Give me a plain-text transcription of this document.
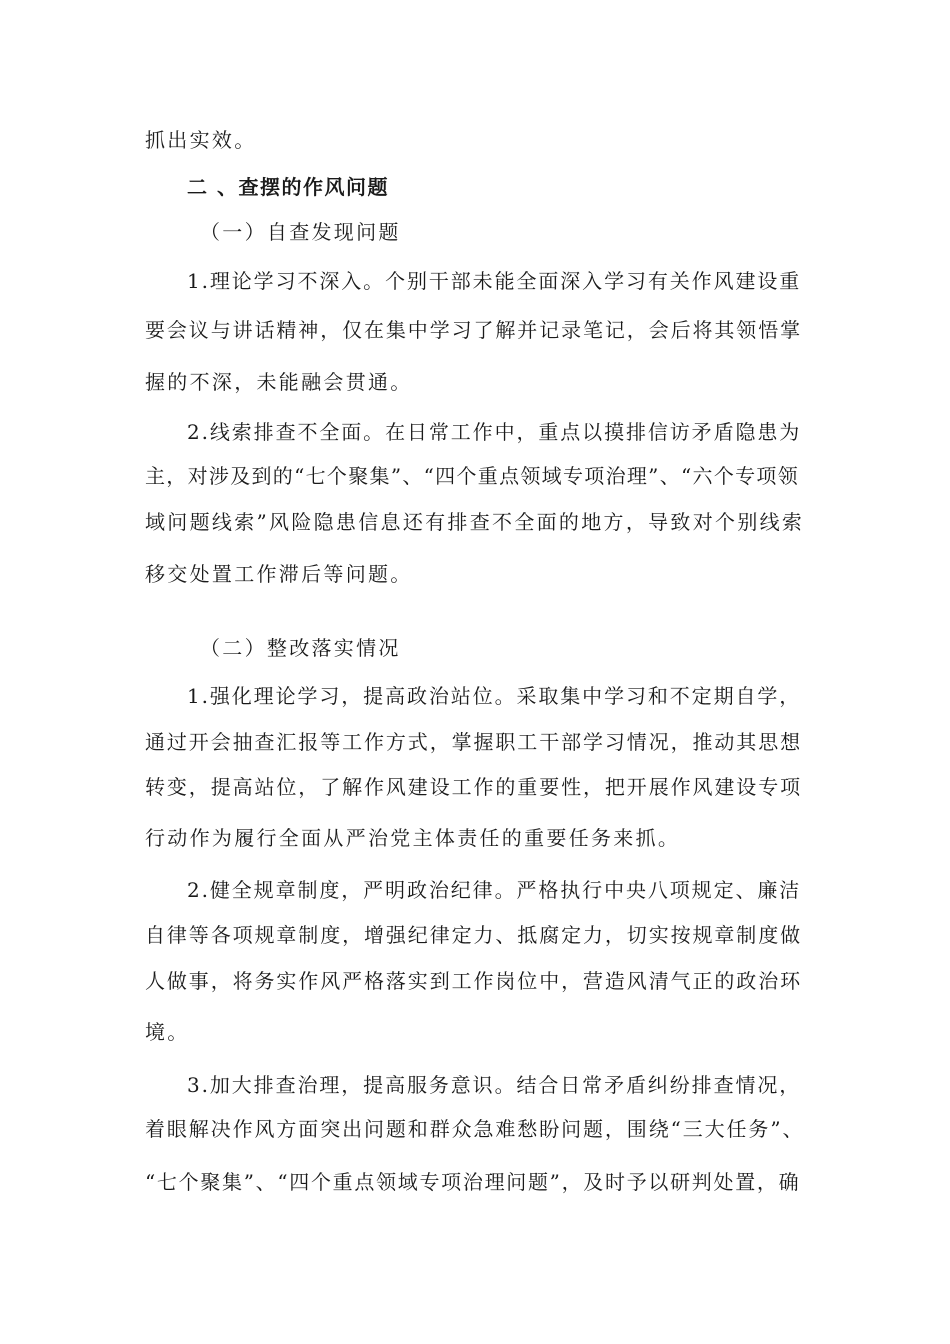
抓出实效。
二 、查摆的作风问题
（一）自查发现问题
1.理论学习不深入。个别干部未能全面深入学习有关作风建设重
要会议与讲话精神，仅在集中学习了解并记录笔记，会后将其领悟掌
握的不深，未能融会贯通。
2.线索排查不全面。在日常工作中，重点以摸排信访矛盾隐患为
主，对涉及到的“七个聚集”、“四个重点领域专项治理”、“六个专项领
域问题线索”风险隐患信息还有排查不全面的地方，导致对个别线索
移交处置工作滞后等问题。
（二）整改落实情况
1.强化理论学习，提高政治站位。采取集中学习和不定期自学，
通过开会抽查汇报等工作方式，掌握职工干部学习情况，推动其思想
转变，提高站位，了解作风建设工作的重要性，把开展作风建设专项
行动作为履行全面从严治党主体责任的重要任务来抓。
2.健全规章制度，严明政治纪律。严格执行中央八项规定、廉洁
自律等各项规章制度，增强纪律定力、抵腐定力，切实按规章制度做
人做事，将务实作风严格落实到工作岗位中，营造风清气正的政治环
境。
3.加大排查治理，提高服务意识。结合日常矛盾纠纷排查情况，
着眼解决作风方面突出问题和群众急难愁盼问题，围绕“三大任务”、
“七个聚集”、“四个重点领域专项治理问题”，及时予以研判处置，确
